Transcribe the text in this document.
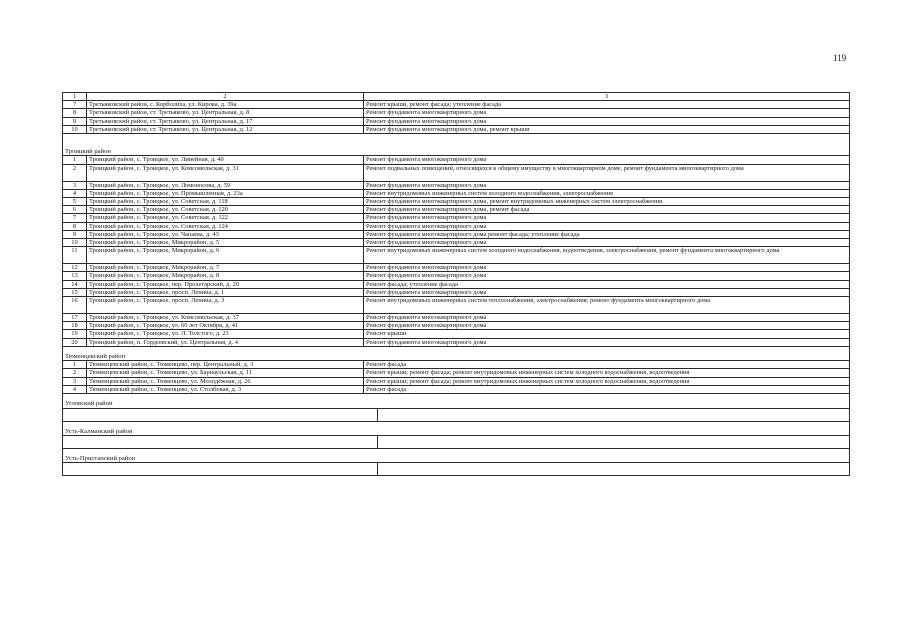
119
1	2	3
7	Третьяковский район, с. Корболиха, ул. Кирова, д. 39а	Ремонт крыши, ремонт фасада; утепление фасада
8	Третьяковский район, ст. Третьяково, ул. Центральная, д. 8	Ремонт фундамента многоквартирного дома
9	Третьяковский район, ст. Третьяково, ул. Центральная, д. 17	Ремонт фундамента многоквартирного дома
10	Третьяковский район, ст. Третьяково, ул. Центральная, д. 12	Ремонт фундамента многоквартирного дома, ремонт крыши
Троицкий район
1	Троицкий район, с. Троицкое, ул. Линейная, д. 40	Ремонт фундамента многоквартирного дома
2	Троицкий район, с. Троицкое, ул. Комсомольская, д. 31	Ремонт подвальных помещений, относящихся к общему имуществу в многоквартирном доме, ремонт фундамента многоквартирного дома
3	Троицкий район, с. Троицкое, ул. Ломоносова, д. 59	Ремонт фундамента многоквартирного дома
4	Троицкий район, с. Троицкое, ул. Промышленная, д. 23а	Ремонт внутридомовых инженерных систем холодного водоснабжения, электроснабжения
5	Троицкий район, с. Троицкое, ул. Советская, д. 118	Ремонт фундамента многоквартирного дома, ремонт внутридомовых инженерных систем электроснабжения
6	Троицкий район, с. Троицкое, ул. Советская, д. 120	Ремонт фундамента многоквартирного дома, ремонт фасада
7	Троицкий район, с. Троицкое, ул. Советская, д. 122	Ремонт фундамента многоквартирного дома
8	Троицкий район, с. Троицкое, ул. Советская, д. 124	Ремонт фундамента многоквартирного дома
9	Троицкий район, с. Троицкое, ул. Чапаева, д. 43	Ремонт фундамента многоквартирного дома ремонт фасада; утепление фасада
10	Троицкий район, с. Троицкое, Микрорайон, д. 5	Ремонт фундамента многоквартирного дома
11	Троицкий район, с. Троицкое, Микрорайон, д. 6	Ремонт внутридомовых инженерных систем холодного водоснабжения, водоотведения, электроснабжения, ремонт фундамента многоквартирного дома
12	Троицкий район, с. Троицкое, Микрорайон, д. 7	Ремонт фундамента многоквартирного дома
13	Троицкий район, с. Троицкое, Микрорайон, д. 8	Ремонт фундамента многоквартирного дома
14	Троицкий район, с. Троицкое, пер. Пролетарский, д. 20	Ремонт фасада; утепление фасада
15	Троицкий район, с. Троицкое, просп. Ленина, д. 1	Ремонт фундамента многоквартирного дома
16	Троицкий район, с. Троицкое, просп. Ленина, д. 3	Ремонт внутридомовых инженерных систем теплоснабжения, электроснабжения; ремонт фундамента многоквартирного дома
17	Троицкий район, с. Троицкое, ул. Комсомольская, д. 37	Ремонт фундамента многоквартирного дома
18	Троицкий район, с. Троицкое, ул. 60 лет Октября, д. 41	Ремонт фундамента многоквартирного дома
19	Троицкий район, с. Троицкое, ул. Л. Толстого, д. 23	Ремонт крыши
20	Троицкий район, п. Гордеевский, ул. Центральная, д. 4	Ремонт фундамента многоквартирного дома
Тюменцевский район
1	Тюменцевский район, с. Тюменцево, пер. Центральный, д. 3	Ремонт фасада
2	Тюменцевский район, с. Тюменцево, ул. Барнаульская, д. 11	Ремонт крыши; ремонт фасада; ремонт внутридомовых инженерных систем холодного водоснабжения, водоотведения
3	Тюменцевский район, с. Тюменцево, ул. Молодёжная, д. 26	Ремонт крыши; ремонт фасада; ремонт внутридомовых инженерных систем холодного водоснабжения, водоотведения
4	Тюменцевский район, с. Тюменцево, ул. Столбовая, д. 3	Ремонт фасада
Угловский район
Усть-Калманский район
Усть-Пристанский район
